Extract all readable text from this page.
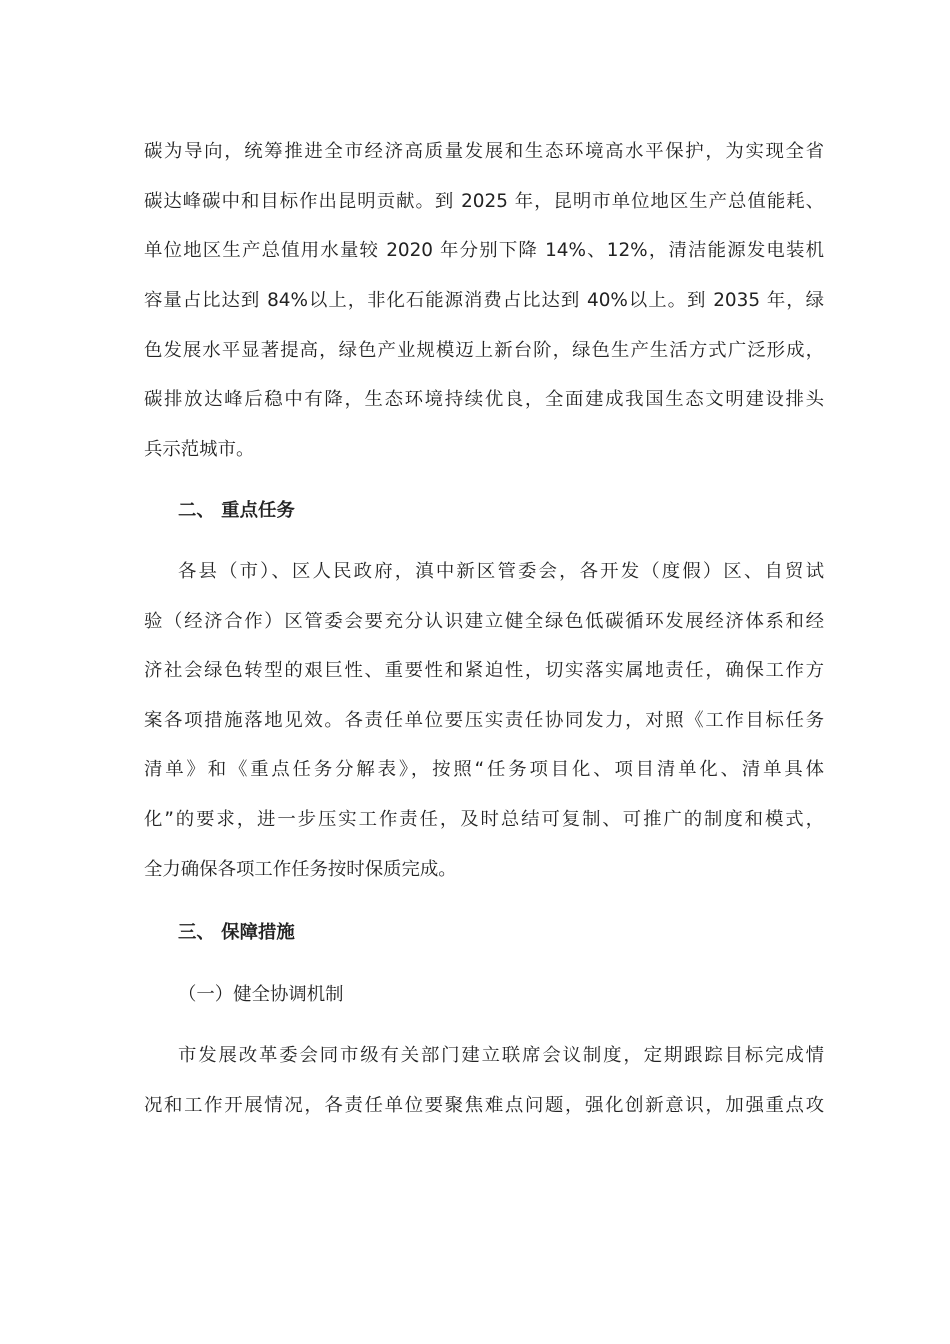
碳为导向，统筹推进全市经济高质量发展和生态环境高水平保护，为实现全省
碳达峰碳中和目标作出昆明贡献。到 2025 年，昆明市单位地区生产总值能耗、
单位地区生产总值用水量较 2020 年分别下降 14%、12%，清洁能源发电装机
容量占比达到 84%以上，非化石能源消费占比达到 40%以上。到 2035 年，绿
色发展水平显著提高，绿色产业规模迈上新台阶，绿色生产生活方式广泛形成，
碳排放达峰后稳中有降，生态环境持续优良，全面建成我国生态文明建设排头
兵示范城市。
二、 重点任务
各县（市）、区人民政府，滇中新区管委会，各开发（度假）区、自贸试
验（经济合作）区管委会要充分认识建立健全绿色低碳循环发展经济体系和经
济社会绿色转型的艰巨性、重要性和紧迫性，切实落实属地责任，确保工作方
案各项措施落地见效。各责任单位要压实责任协同发力，对照《工作目标任务
清单》和《重点任务分解表》，按照“任务项目化、项目清单化、清单具体
化”的要求，进一步压实工作责任，及时总结可复制、可推广的制度和模式，
全力确保各项工作任务按时保质完成。
三、 保障措施
（一）健全协调机制
市发展改革委会同市级有关部门建立联席会议制度，定期跟踪目标完成情
况和工作开展情况，各责任单位要聚焦难点问题，强化创新意识，加强重点攻
